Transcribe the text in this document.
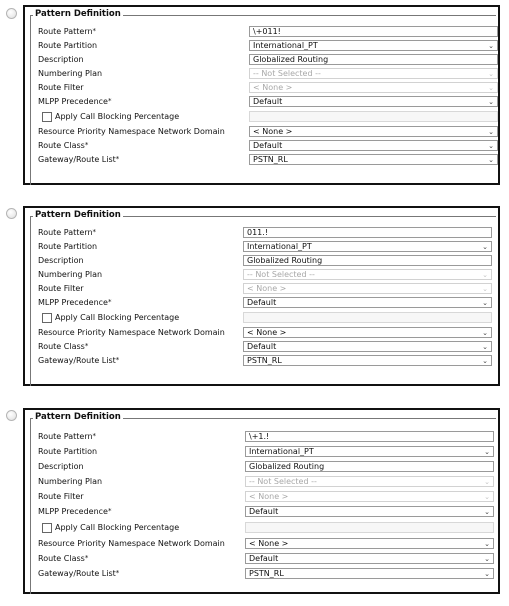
Pattern Definition
Route Pattern*	\+011!
Route Partition	International_PT	⌄
Description	Globalized Routing
Numbering Plan	-- Not Selected --	⌄
Route Filter	< None >	⌄
MLPP Precedence*	Default	⌄
Apply Call Blocking Percentage
Resource Priority Namespace Network Domain	< None >	⌄
Route Class*	Default	⌄
Gateway/Route List*	PSTN_RL	⌄
Pattern Definition
Route Pattern*	011.!
Route Partition	International_PT	⌄
Description	Globalized Routing
Numbering Plan	-- Not Selected --	⌄
Route Filter	< None >	⌄
MLPP Precedence*	Default	⌄
Apply Call Blocking Percentage
Resource Priority Namespace Network Domain	< None >	⌄
Route Class*	Default	⌄
Gateway/Route List*	PSTN_RL	⌄
Pattern Definition
Route Pattern*	\+1.!
Route Partition	International_PT	⌄
Description	Globalized Routing
Numbering Plan	-- Not Selected --	⌄
Route Filter	< None >	⌄
MLPP Precedence*	Default	⌄
Apply Call Blocking Percentage
Resource Priority Namespace Network Domain	< None >	⌄
Route Class*	Default	⌄
Gateway/Route List*	PSTN_RL	⌄
